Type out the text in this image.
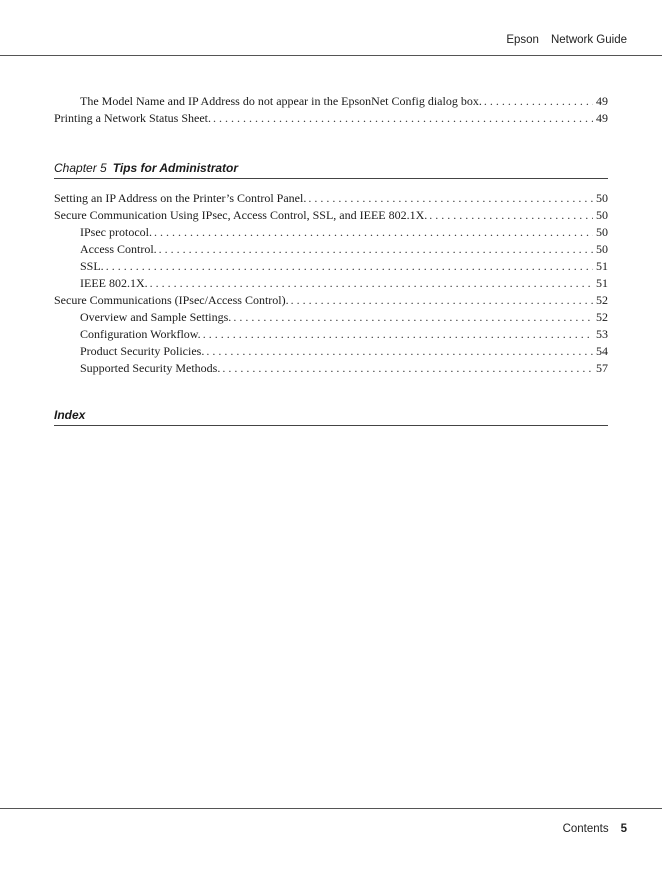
Epson Network Guide
The Model Name and IP Address do not appear in the EpsonNet Config dialog box. . . .	49
Printing a Network Status Sheet. . . .	49
Chapter 5 Tips for Administrator
Setting an IP Address on the Printer’s Control Panel. . . .	50
Secure Communication Using IPsec, Access Control, SSL, and IEEE 802.1X. . . .	50
IPsec protocol. . . .	50
Access Control. . . .	50
SSL. . . .	51
IEEE 802.1X. . . .	51
Secure Communications (IPsec/Access Control). . . .	52
Overview and Sample Settings. . . .	52
Configuration Workflow. . . .	53
Product Security Policies. . . .	54
Supported Security Methods. . . .	57
Index
Contents 5
